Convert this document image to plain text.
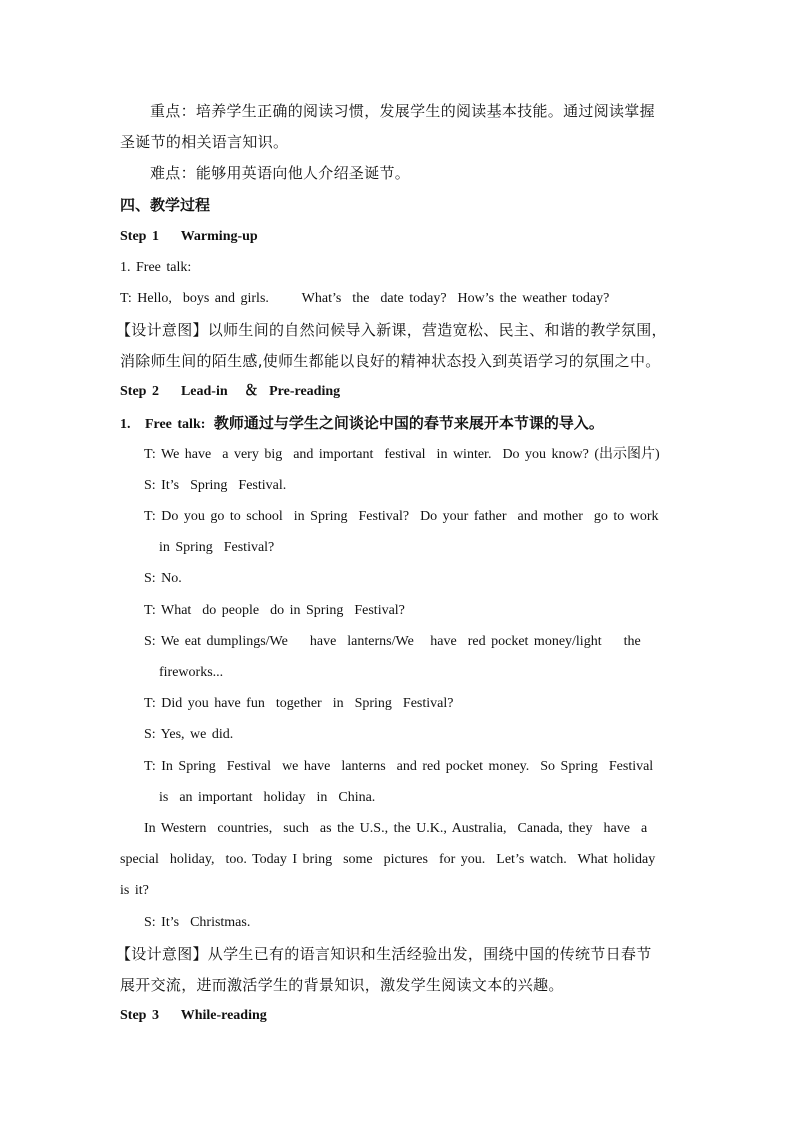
重点：培养学生正确的阅读习惯，发展学生的阅读基本技能。通过阅读掌握
圣诞节的相关语言知识。
难点：能够用英语向他人介绍圣诞节。
四、教学过程
Step 1    Warming-up
1. Free talk:
T: Hello,  boys and girls.      What’s  the  date today?  How’s the weather today?
【设计意图】以师生间的自然问候导入新课，营造宽松、民主、和谐的教学氛围，
消除师生间的陌生感,使师生都能以良好的精神状态投入到英语学习的氛围之中。
Step 2    Lead-in   ＆  Pre-reading
1. Free talk: 教师通过与学生之间谈论中国的春节来展开本节课的导入。
T: We have  a very big  and important  festival  in winter.  Do you know? (出示图片)
S: It’s  Spring  Festival.
T: Do you go to school  in Spring  Festival?  Do your father  and mother  go to work
in Spring  Festival?
S: No.
T: What  do people  do in Spring  Festival?
S: We eat dumplings/We    have  lanterns/We   have  red pocket money/light    the
fireworks...
T: Did you have fun  together  in  Spring  Festival?
S: Yes, we did.
T: In Spring  Festival  we have  lanterns  and red pocket money.  So Spring  Festival
is  an important  holiday  in  China.
In Western  countries,  such  as the U.S., the U.K., Australia,  Canada, they  have  a
special  holiday,  too. Today I bring  some  pictures  for you.  Let’s watch.  What holiday
is it?
S: It’s  Christmas.
【设计意图】从学生已有的语言知识和生活经验出发，围绕中国的传统节日春节
展开交流，进而激活学生的背景知识，激发学生阅读文本的兴趣。
Step 3    While-reading
